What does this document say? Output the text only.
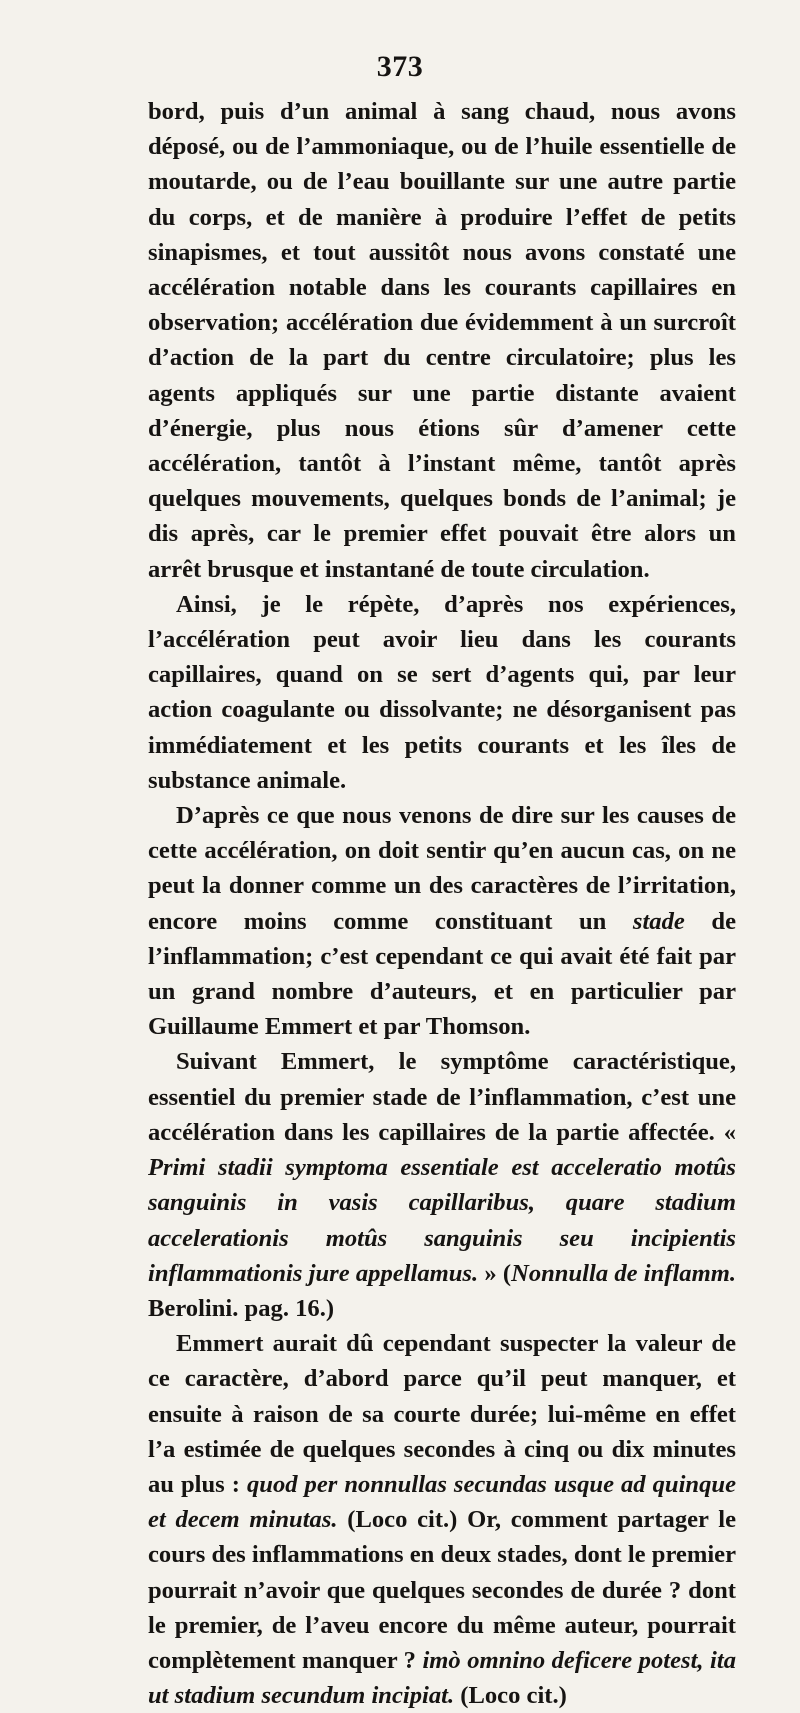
373

bord, puis d’un animal à sang chaud, nous avons déposé, ou de l’ammoniaque, ou de l’huile essentielle de moutarde, ou de l’eau bouillante sur une autre partie du corps, et de manière à produire l’effet de petits sinapismes, et tout aussitôt nous avons constaté une accélération notable dans les courants capillaires en observation; accélération due évidemment à un surcroît d’action de la part du centre circulatoire; plus les agents appliqués sur une partie distante avaient d’énergie, plus nous étions sûr d’amener cette accélération, tantôt à l’instant même, tantôt après quelques mouvements, quelques bonds de l’animal; je dis après, car le premier effet pouvait être alors un arrêt brusque et instantané de toute circulation.

Ainsi, je le répète, d’après nos expériences, l’accélération peut avoir lieu dans les courants capillaires, quand on se sert d’agents qui, par leur action coagulante ou dissolvante; ne désorganisent pas immédiatement et les petits courants et les îles de substance animale.

D’après ce que nous venons de dire sur les causes de cette accélération, on doit sentir qu’en aucun cas, on ne peut la donner comme un des caractères de l’irritation, encore moins comme constituant un stade de l’inflammation; c’est cependant ce qui avait été fait par un grand nombre d’auteurs, et en particulier par Guillaume Emmert et par Thomson.

Suivant Emmert, le symptôme caractéristique, essentiel du premier stade de l’inflammation, c’est une accélération dans les capillaires de la partie affectée. « Primi stadii symptoma essentiale est acceleratio motûs sanguinis in vasis capillaribus, quare stadium accelerationis motûs sanguinis seu incipientis inflammationis jure appellamus. » (Nonnulla de inflamm. Berolini. pag. 16.)

Emmert aurait dû cependant suspecter la valeur de ce caractère, d’abord parce qu’il peut manquer, et ensuite à raison de sa courte durée; lui-même en effet l’a estimée de quelques secondes à cinq ou dix minutes au plus : quod per nonnullas secundas usque ad quinque et decem minutas. (Loco cit.) Or, comment partager le cours des inflammations en deux stades, dont le premier pourrait n’avoir que quelques secondes de durée ? dont le premier, de l’aveu encore du même auteur, pourrait complètement manquer ? imò omnino deficere potest, ita ut stadium secundum incipiat. (Loco cit.)
